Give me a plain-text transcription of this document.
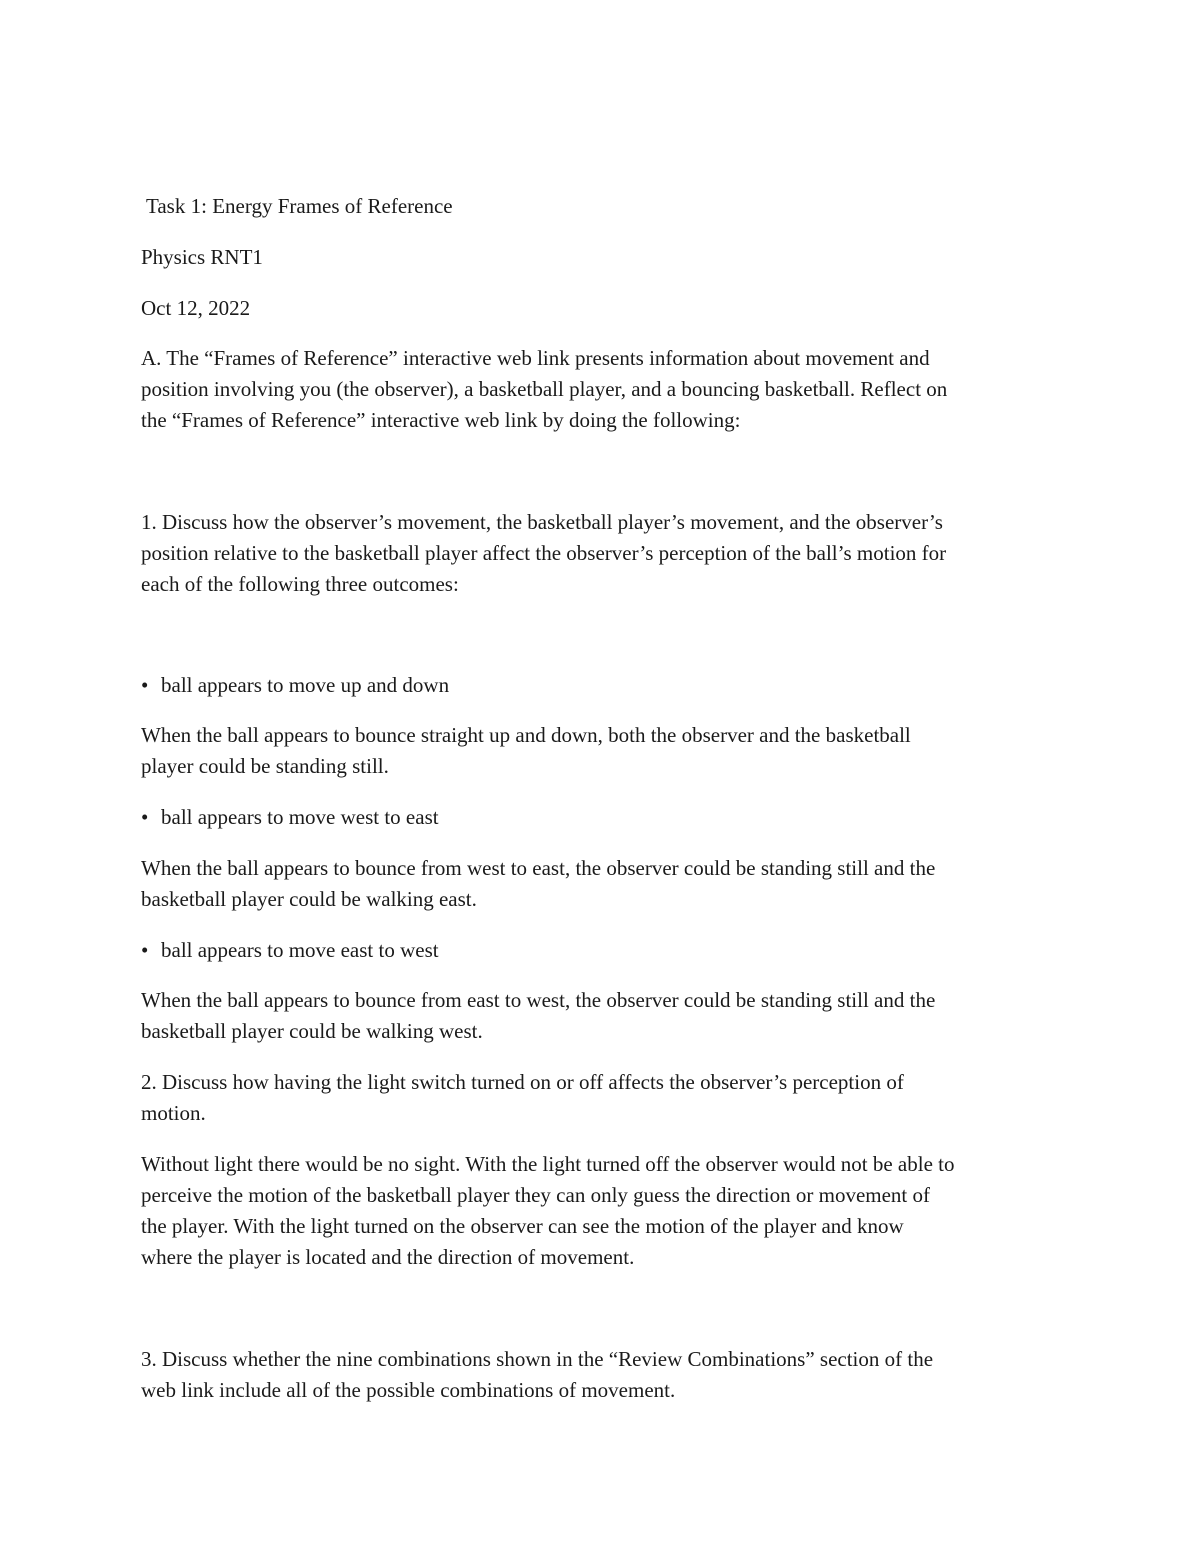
Task 1: Energy Frames of Reference
Physics RNT1
Oct 12, 2022
A. The “Frames of Reference” interactive web link presents information about movement and
position involving you (the observer), a basketball player, and a bouncing basketball. Reflect on
the “Frames of Reference” interactive web link by doing the following:
1. Discuss how the observer’s movement, the basketball player’s movement, and the observer’s
position relative to the basketball player affect the observer’s perception of the ball’s motion for
each of the following three outcomes:
• ball appears to move up and down
When the ball appears to bounce straight up and down, both the observer and the basketball
player could be standing still.
• ball appears to move west to east
When the ball appears to bounce from west to east, the observer could be standing still and the
basketball player could be walking east.
• ball appears to move east to west
When the ball appears to bounce from east to west, the observer could be standing still and the
basketball player could be walking west.
2. Discuss how having the light switch turned on or off affects the observer’s perception of
motion.
Without light there would be no sight. With the light turned off the observer would not be able to
perceive the motion of the basketball player they can only guess the direction or movement of
the player. With the light turned on the observer can see the motion of the player and know
where the player is located and the direction of movement.
3. Discuss whether the nine combinations shown in the “Review Combinations” section of the
web link include all of the possible combinations of movement.
